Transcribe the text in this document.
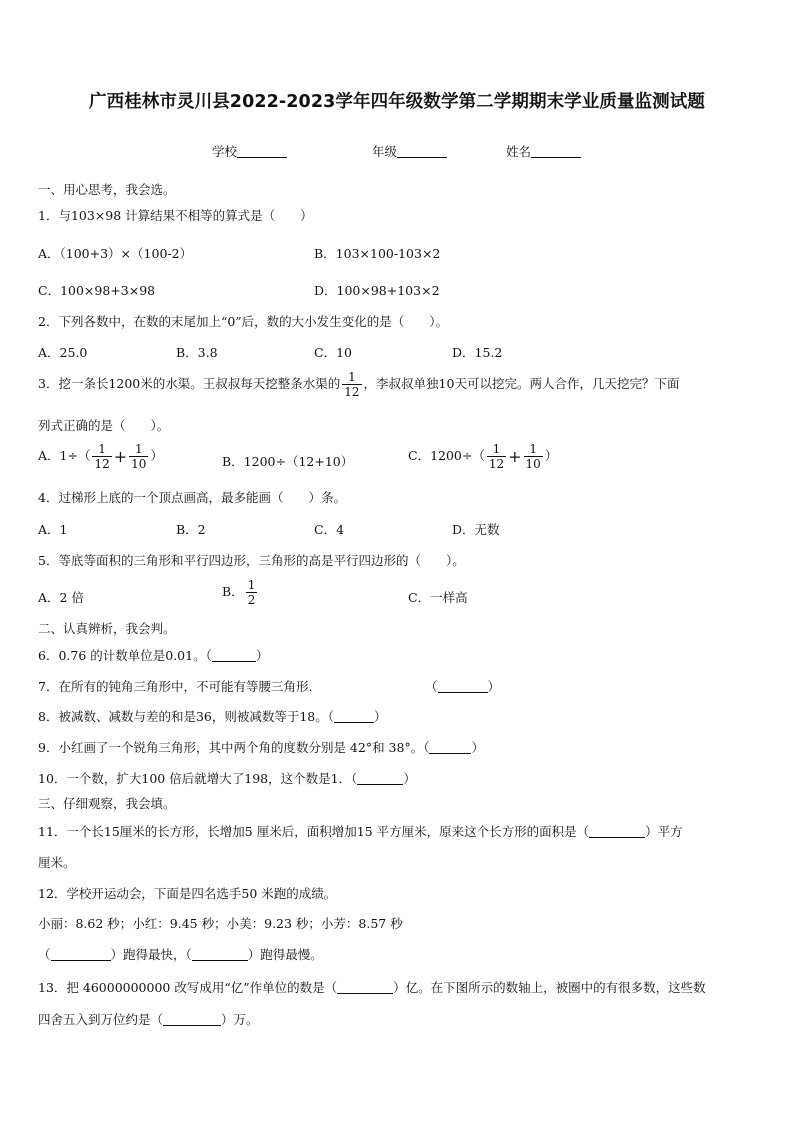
广西桂林市灵川县2022-2023学年四年级数学第二学期期末学业质量监测试题
学校	年级	姓名
一、用心思考，我会选。
1．与103×98 计算结果不相等的算式是（　　）
A．（100+3）×（100-2）	B．103×100-103×2
C．100×98+3×98	D．100×98+103×2
2．下列各数中，在数的末尾加上“0”后，数的大小发生变化的是（　　）。
A．25.0	B．3.8	C．10	D．15.2
3．挖一条长1200米的水渠。王叔叔每天挖整条水渠的 $\frac{1}{12}$ ，李叔叔单独10天可以挖完。两人合作，几天挖完？下面
列式正确的是（　　）。
A．$1\div( \frac{1}{12} + \frac{1}{10}$ ）	B．1200÷（12+10）	C．$1200\div( \frac{1}{12} + \frac{1}{10}$ ）
4．过梯形上底的一个顶点画高，最多能画（　　）条。
A．1	B．2	C．4	D．无数
5．等底等面积的三角形和平行四边形，三角形的高是平行四边形的（　　）。
A．2 倍	B． $\frac{1}{2}$	C．一样高
二、认真辨析，我会判。
6．0.76 的计数单位是0.01。（	）
7．在所有的钝角三角形中，不可能有等腰三角形.	（	）
8．被减数、减数与差的和是36，则被减数等于18。（	）
9．小红画了一个锐角三角形，其中两个角的度数分别是 42°和 38°。（	）
10．一个数，扩大100 倍后就增大了198，这个数是1．（	）
三、仔细观察，我会填。
11．一个长15厘米的长方形，长增加5 厘米后，面积增加15 平方厘米，原来这个长方形的面积是（	）平方
厘米。
12．学校开运动会，下面是四名选手50 米跑的成绩。
小丽：8.62 秒；小红：9.45 秒；小美：9.23 秒；小芳：8.57 秒
（	）跑得最快，（	）跑得最慢。
13．把 46000000000 改写成用“亿”作单位的数是（	）亿。在下图所示的数轴上，被圈中的有很多数，这些数
四舍五入到万位约是（	）万。
